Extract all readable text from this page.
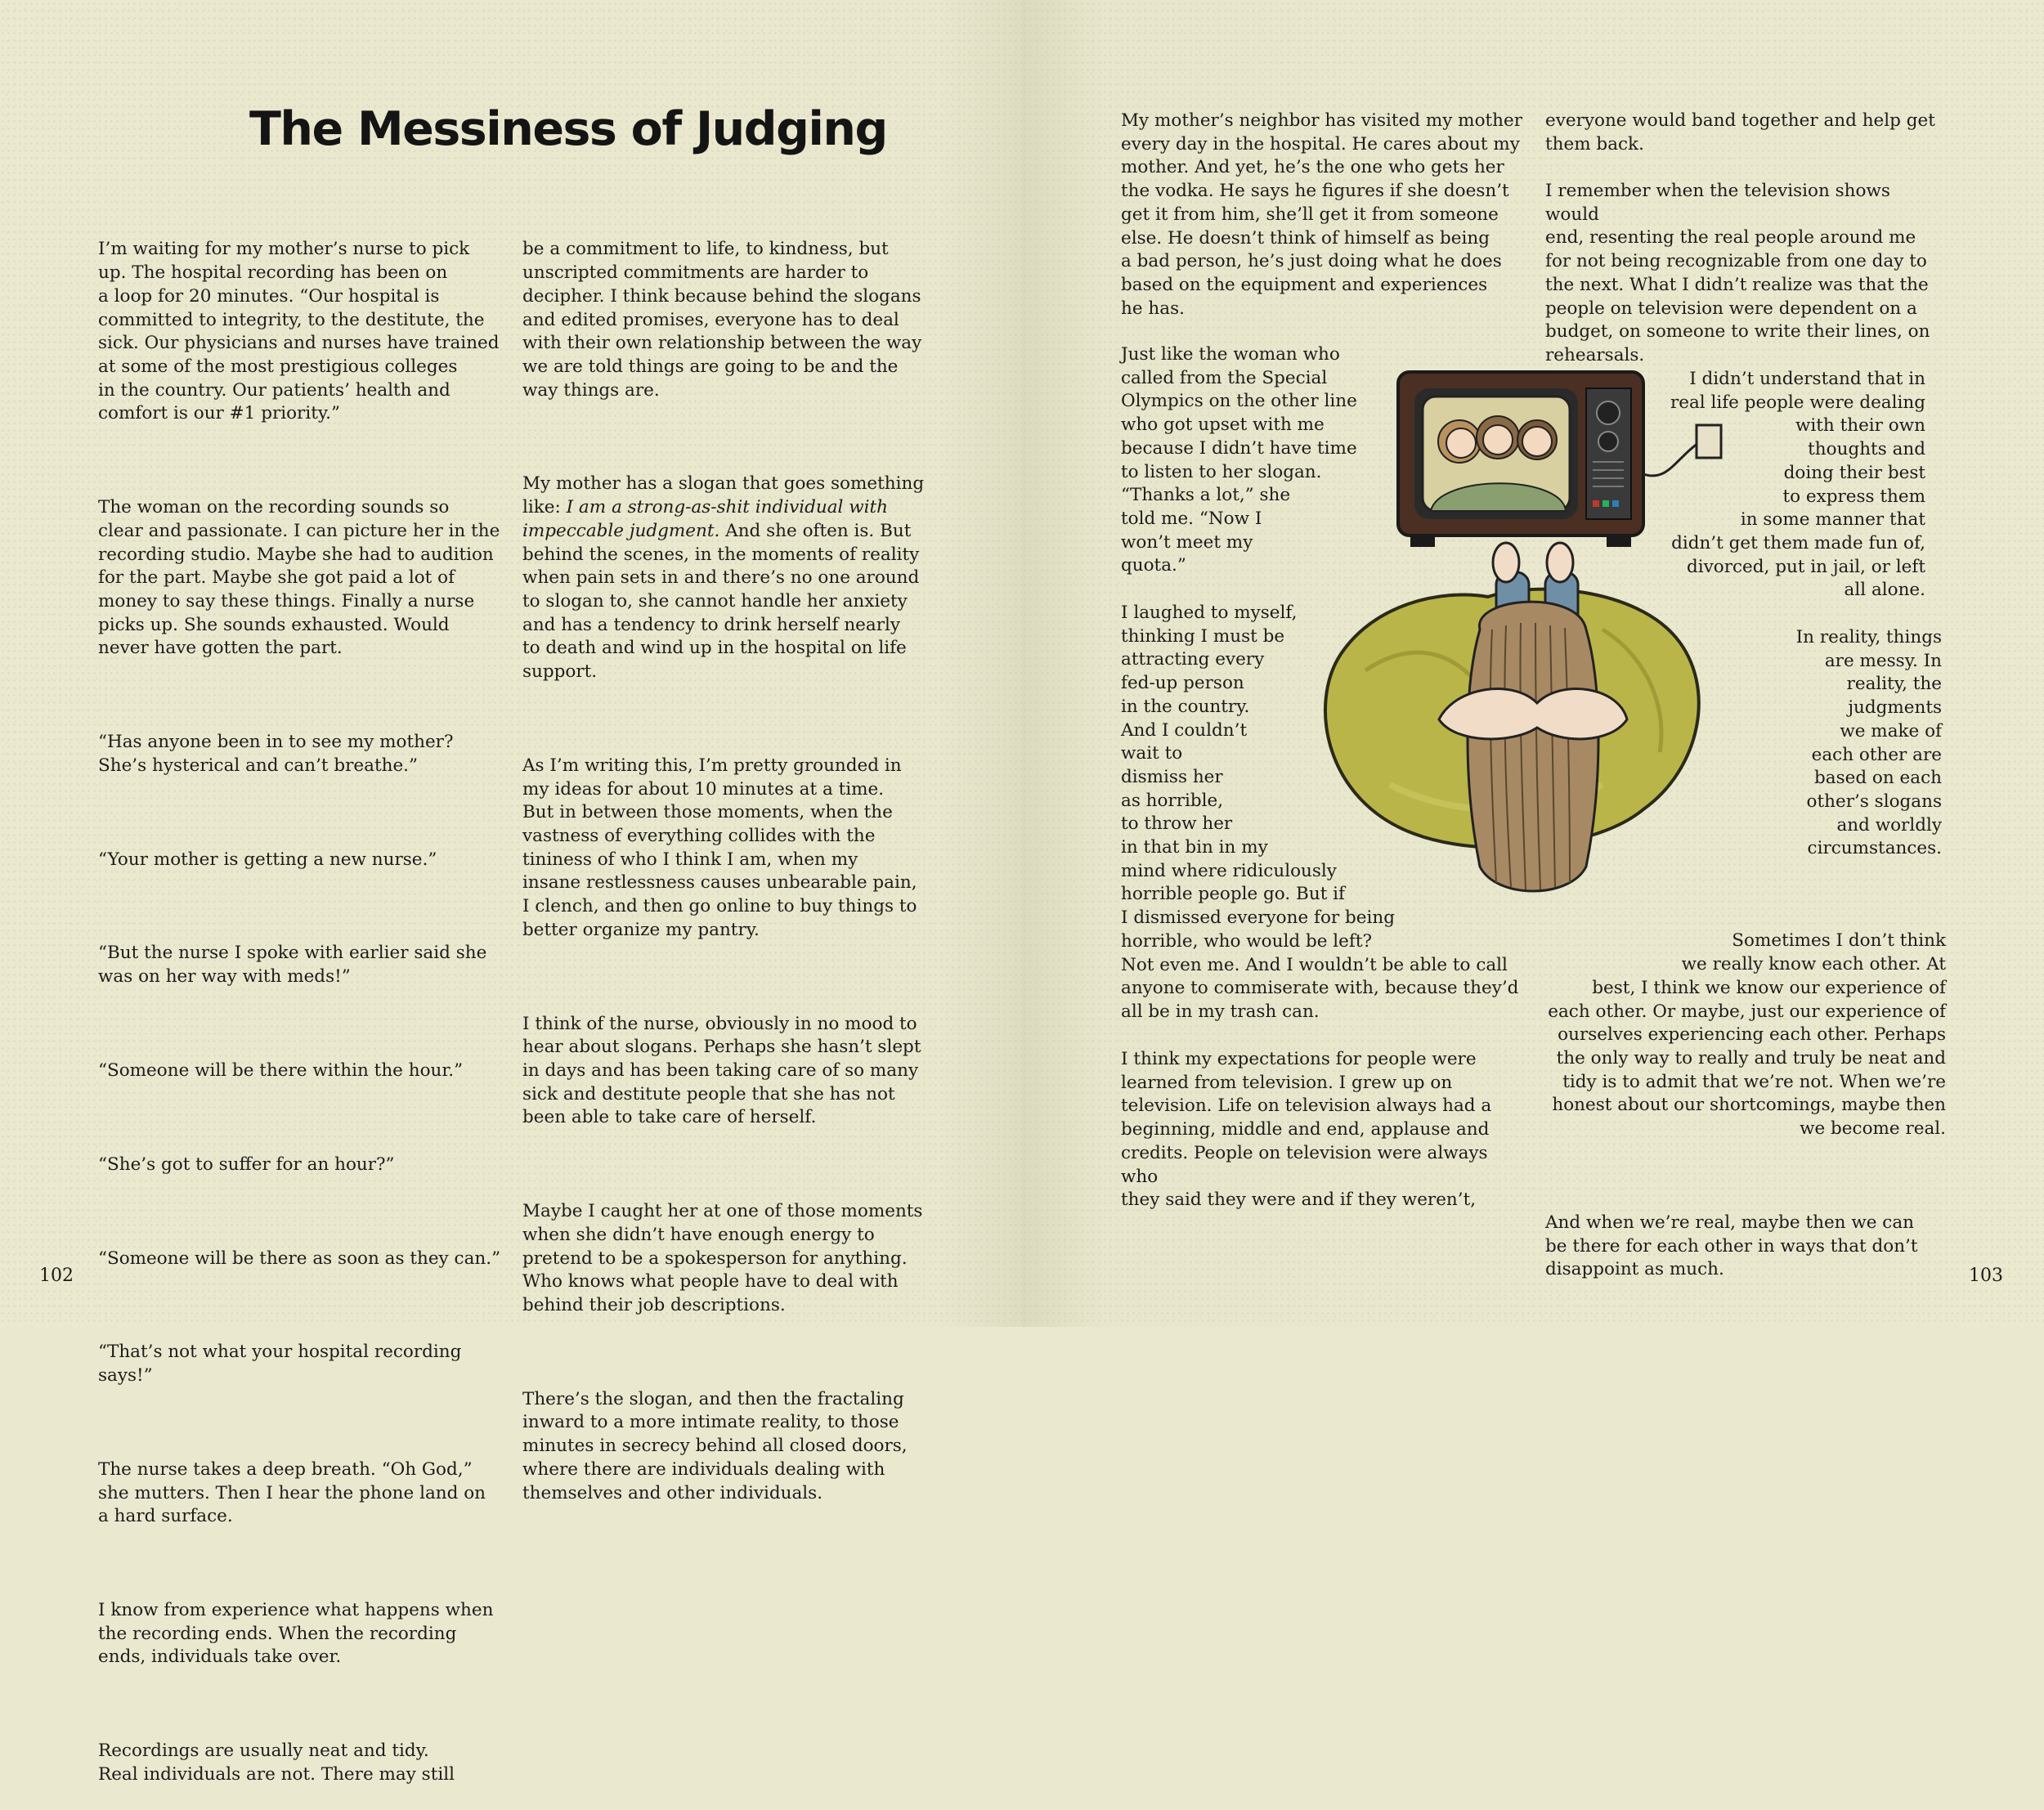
The Messiness of Judging

I’m waiting for my mother’s nurse to pick
up. The hospital recording has been on
a loop for 20 minutes. “Our hospital is
committed to integrity, to the destitute, the
sick. Our physicians and nurses have trained
at some of the most prestigious colleges
in the country. Our patients’ health and
comfort is our #1 priority.”

The woman on the recording sounds so
clear and passionate. I can picture her in the
recording studio. Maybe she had to audition
for the part. Maybe she got paid a lot of
money to say these things. Finally a nurse
picks up. She sounds exhausted. Would
never have gotten the part.

“Has anyone been in to see my mother?
She’s hysterical and can’t breathe.”

“Your mother is getting a new nurse.”

“But the nurse I spoke with earlier said she
was on her way with meds!”

“Someone will be there within the hour.”

“She’s got to suffer for an hour?”

“Someone will be there as soon as they can.”

“That’s not what your hospital recording
says!”

The nurse takes a deep breath. “Oh God,”
she mutters. Then I hear the phone land on
a hard surface.

I know from experience what happens when
the recording ends. When the recording
ends, individuals take over.

Recordings are usually neat and tidy.
Real individuals are not. There may still

be a commitment to life, to kindness, but
unscripted commitments are harder to
decipher. I think because behind the slogans
and edited promises, everyone has to deal
with their own relationship between the way
we are told things are going to be and the
way things are.

My mother has a slogan that goes something
like: I am a strong-as-shit individual with
impeccable judgment. And she often is. But
behind the scenes, in the moments of reality
when pain sets in and there’s no one around
to slogan to, she cannot handle her anxiety
and has a tendency to drink herself nearly
to death and wind up in the hospital on life
support.

As I’m writing this, I’m pretty grounded in
my ideas for about 10 minutes at a time.
But in between those moments, when the
vastness of everything collides with the
tininess of who I think I am, when my
insane restlessness causes unbearable pain,
I clench, and then go online to buy things to
better organize my pantry.

I think of the nurse, obviously in no mood to
hear about slogans. Perhaps she hasn’t slept
in days and has been taking care of so many
sick and destitute people that she has not
been able to take care of herself.

Maybe I caught her at one of those moments
when she didn’t have enough energy to
pretend to be a spokesperson for anything.
Who knows what people have to deal with
behind their job descriptions.

There’s the slogan, and then the fractaling
inward to a more intimate reality, to those
minutes in secrecy behind all closed doors,
where there are individuals dealing with
themselves and other individuals.

102
My mother’s neighbor has visited my mother
every day in the hospital. He cares about my
mother. And yet, he’s the one who gets her
the vodka. He says he figures if she doesn’t
get it from him, she’ll get it from someone
else. He doesn’t think of himself as being
a bad person, he’s just doing what he does
based on the equipment and experiences
he has.
Just like the woman who
called from the Special
Olympics on the other line
who got upset with me
because I didn’t have time
to listen to her slogan.
“Thanks a lot,” she
told me. “Now I
won’t meet my
quota.”
I laughed to myself,
thinking I must be
attracting every
fed-up person
in the country.
And I couldn’t
wait to
dismiss her
as horrible,
to throw her
in that bin in my
mind where ridiculously
horrible people go. But if
I dismissed everyone for being
horrible, who would be left?
Not even me. And I wouldn’t be able to call
anyone to commiserate with, because they’d
all be in my trash can.
I think my expectations for people were
learned from television. I grew up on
television. Life on television always had a
beginning, middle and end, applause and
credits. People on television were always who
they said they were and if they weren’t,
everyone would band together and help get
them back.
I remember when the television shows would
end, resenting the real people around me
for not being recognizable from one day to
the next. What I didn’t realize was that the
people on television were dependent on a
budget, on someone to write their lines, on
rehearsals.
I didn’t understand that in
real life people were dealing
with their own
thoughts and
doing their best
to express them
in some manner that
didn’t get them made fun of,
divorced, put in jail, or left
all alone.
In reality, things
are messy. In
reality, the
judgments
we make of
each other are
based on each
other’s slogans
and worldly
circumstances.

Sometimes I don’t think
we really know each other. At
best, I think we know our experience of
each other. Or maybe, just our experience of
ourselves experiencing each other. Perhaps
the only way to really and truly be neat and
tidy is to admit that we’re not. When we’re
honest about our shortcomings, maybe then
we become real.

And when we’re real, maybe then we can
be there for each other in ways that don’t
disappoint as much.	103
